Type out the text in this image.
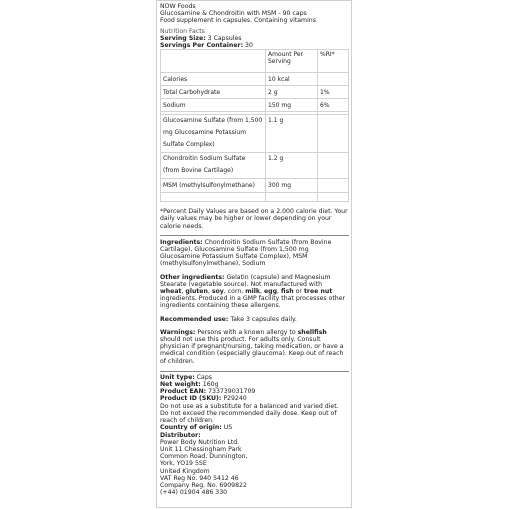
NOW Foods
Glucosamine & Chondroitin with MSM - 90 caps
Food supplement in capsules. Containing vitamins
Nutrition Facts
Serving Size: 3 Capsules
Servings Per Container: 30
	Amount Per Serving	%RI*
Calories	10 kcal	
Total Carbohydrate	2 g	1%
Sodium	150 mg	6%

Glucosamine Sulfate (from 1,500 mg Glucosamine Potassium Sulfate Complex)	1.1 g	
Chondroitin Sodium Sulfate (from Bovine Cartilage)	1.2 g	
MSM (methylsulfonylmethane)	300 mg	

*Percent Daily Values are based on a 2,000 calorie diet. Your daily values may be higher or lower depending on your calorie needs.

Ingredients: Chondroitin Sodium Sulfate (from Bovine Cartilage), Glucosamine Sulfate (from 1,500 mg Glucosamine Potassium Sulfate Complex), MSM (methylsulfonylmethane), Sodium

Other ingredients: Gelatin (capsule) and Magnesium Stearate (vegetable source). Not manufactured with
wheat, gluten, soy, corn, milk, egg, fish or tree nut ingredients. Produced in a GMP facility that processes other ingredients containing these allergens.

Recommended use: Take 3 capsules daily.

Warnings: Persons with a known allergy to shellfish should not use this product. For adults only. Consult physician if pregnant/nursing, taking medication, or have a medical condition (especially glaucoma). Keep out of reach of children.

Unit type: Caps
Net weight: 160g
Product EAN: 733739031709
Product ID (SKU): P29240
Do not use as a substitute for a balanced and varied diet. Do not exceed the recommended daily dose. Keep out of reach of children.
Country of origin: US
Distributor:
Power Body Nutrition Ltd.
Unit 11 Chessingham Park
Common Road, Dunnington,
York, YO19 5SE
United Kingdom
VAT Reg No. 940 5412 46
Company Reg. No. 6909822
(+44) 01904 486 330
